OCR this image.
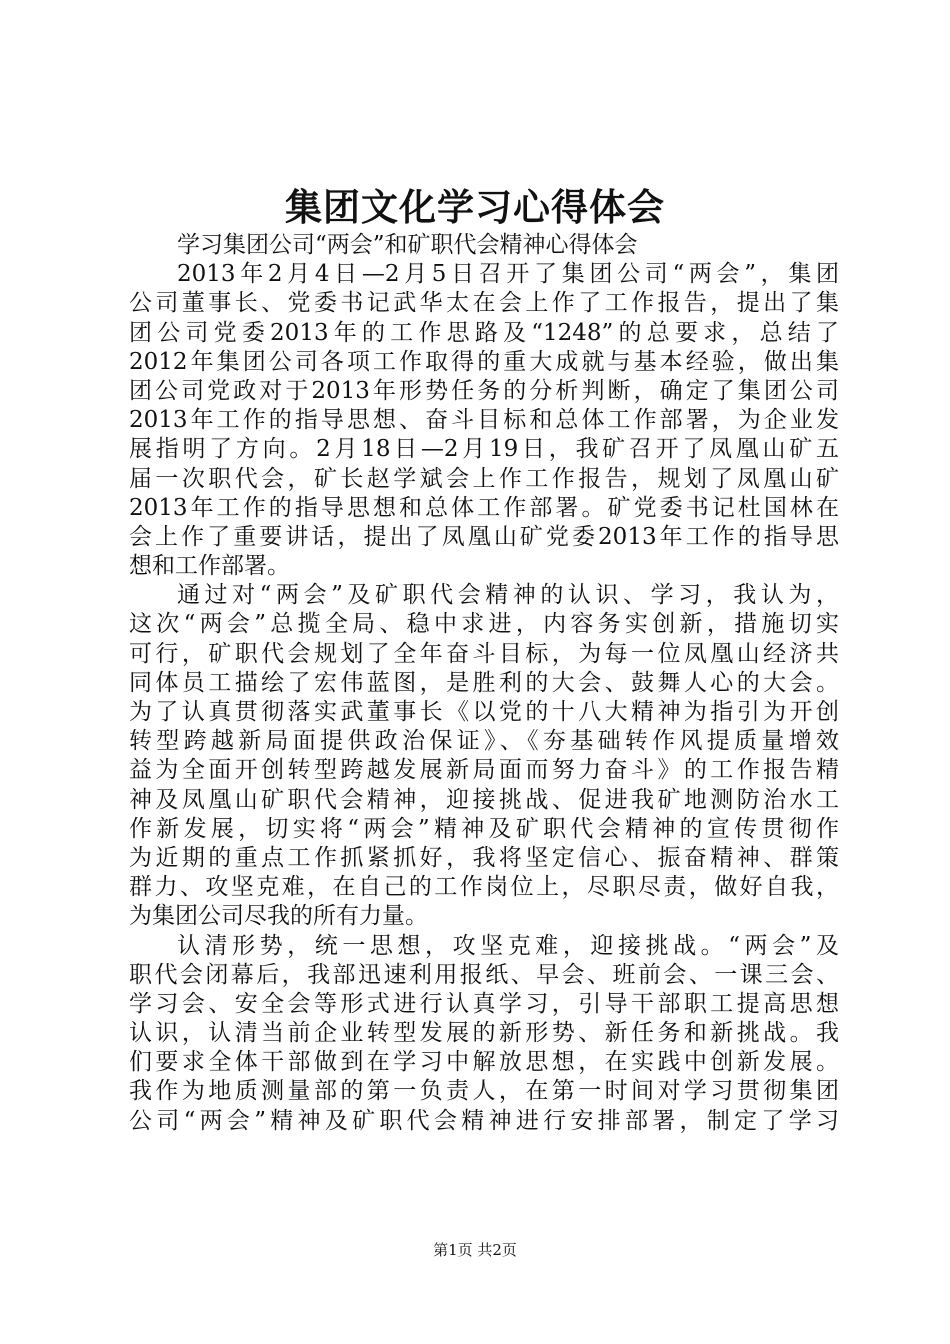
集团文化学习心得体会
学习集团公司“两会”和矿职代会精神心得体会
2013年2月4日—2月5日召开了集团公司“两会”，集团
公司董事长、党委书记武华太在会上作了工作报告，提出了集
团公司党委2013年的工作思路及“1248”的总要求，总结了
2012年集团公司各项工作取得的重大成就与基本经验，做出集
团公司党政对于2013年形势任务的分析判断，确定了集团公司
2013年工作的指导思想、奋斗目标和总体工作部署，为企业发
展指明了方向。2月18日—2月19日，我矿召开了凤凰山矿五
届一次职代会，矿长赵学斌会上作工作报告，规划了凤凰山矿
2013年工作的指导思想和总体工作部署。矿党委书记杜国林在
会上作了重要讲话，提出了凤凰山矿党委2013年工作的指导思
想和工作部署。
通过对“两会”及矿职代会精神的认识、学习，我认为，
这次“两会”总揽全局、稳中求进，内容务实创新，措施切实
可行，矿职代会规划了全年奋斗目标，为每一位凤凰山经济共
同体员工描绘了宏伟蓝图，是胜利的大会、鼓舞人心的大会。
为了认真贯彻落实武董事长《以党的十八大精神为指引为开创
转型跨越新局面提供政治保证》、《夯基础转作风提质量增效
益为全面开创转型跨越发展新局面而努力奋斗》的工作报告精
神及凤凰山矿职代会精神，迎接挑战、促进我矿地测防治水工
作新发展，切实将“两会”精神及矿职代会精神的宣传贯彻作
为近期的重点工作抓紧抓好，我将坚定信心、振奋精神、群策
群力、攻坚克难，在自己的工作岗位上，尽职尽责，做好自我，
为集团公司尽我的所有力量。
认清形势，统一思想，攻坚克难，迎接挑战。“两会”及
职代会闭幕后，我部迅速利用报纸、早会、班前会、一课三会、
学习会、安全会等形式进行认真学习，引导干部职工提高思想
认识，认清当前企业转型发展的新形势、新任务和新挑战。我
们要求全体干部做到在学习中解放思想，在实践中创新发展。
我作为地质测量部的第一负责人，在第一时间对学习贯彻集团
公司“两会”精神及矿职代会精神进行安排部署，制定了学习
第1页 共2页
